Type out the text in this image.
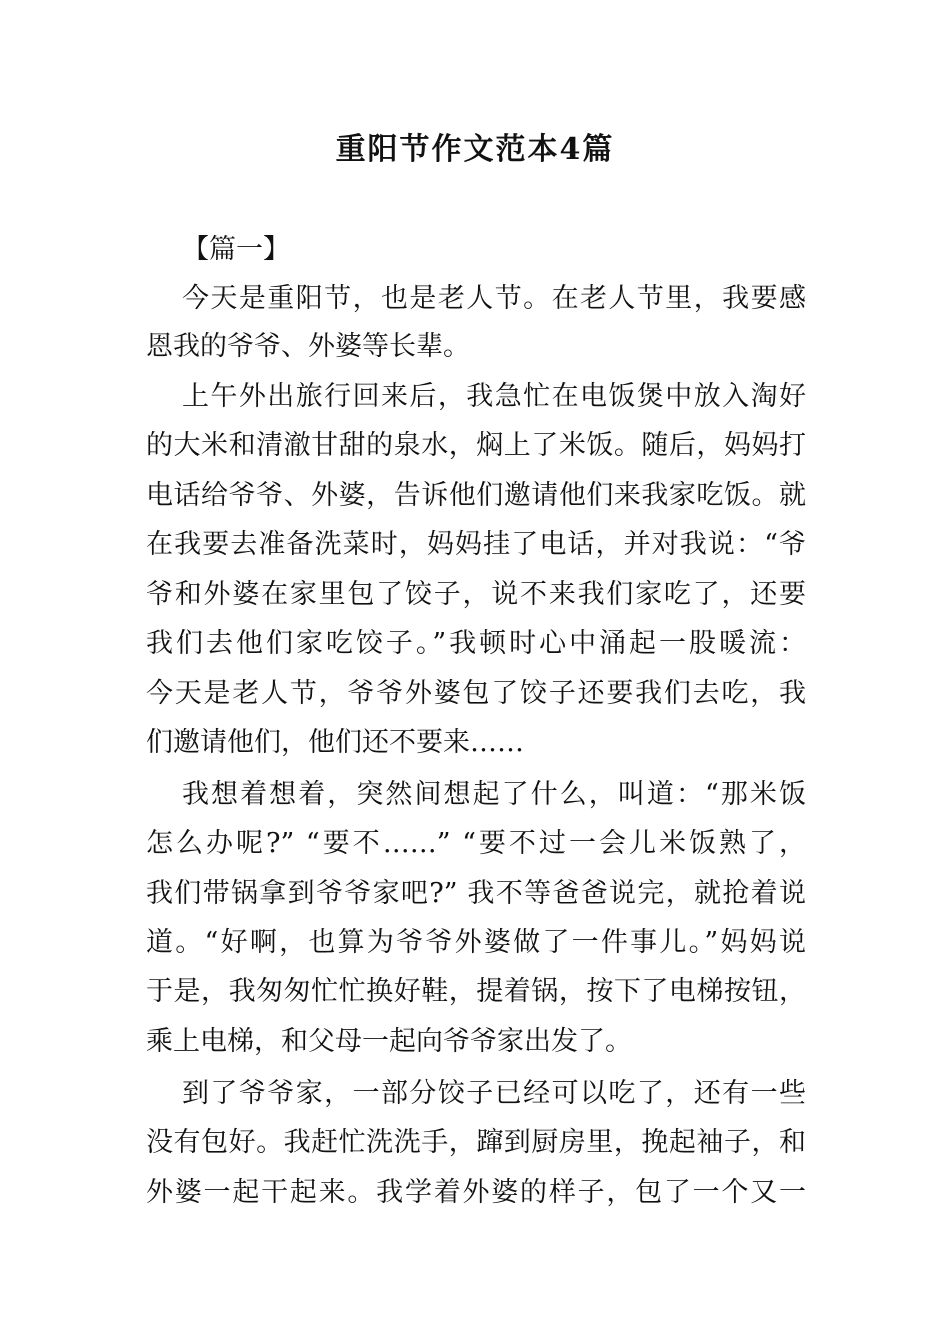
重阳节作文范本4篇

【篇一】

今天是重阳节，也是老人节。在老人节里，我要感

恩我的爷爷、外婆等长辈。

上午外出旅行回来后，我急忙在电饭煲中放入淘好

的大米和清澈甘甜的泉水，焖上了米饭。随后，妈妈打

电话给爷爷、外婆，告诉他们邀请他们来我家吃饭。就

在我要去准备洗菜时，妈妈挂了电话，并对我说：“爷

爷和外婆在家里包了饺子，说不来我们家吃了，还要

我们去他们家吃饺子。”我顿时心中涌起一股暖流：

今天是老人节，爷爷外婆包了饺子还要我们去吃，我

们邀请他们，他们还不要来……

我想着想着，突然间想起了什么，叫道：“那米饭

怎么办呢?” “要不……” “要不过一会儿米饭熟了，

我们带锅拿到爷爷家吧?” 我不等爸爸说完，就抢着说

道。“好啊，也算为爷爷外婆做了一件事儿。”妈妈说

于是，我匆匆忙忙换好鞋，提着锅，按下了电梯按钮，

乘上电梯，和父母一起向爷爷家出发了。

到了爷爷家，一部分饺子已经可以吃了，还有一些

没有包好。我赶忙洗洗手，蹿到厨房里，挽起袖子，和

外婆一起干起来。我学着外婆的样子，包了一个又一
